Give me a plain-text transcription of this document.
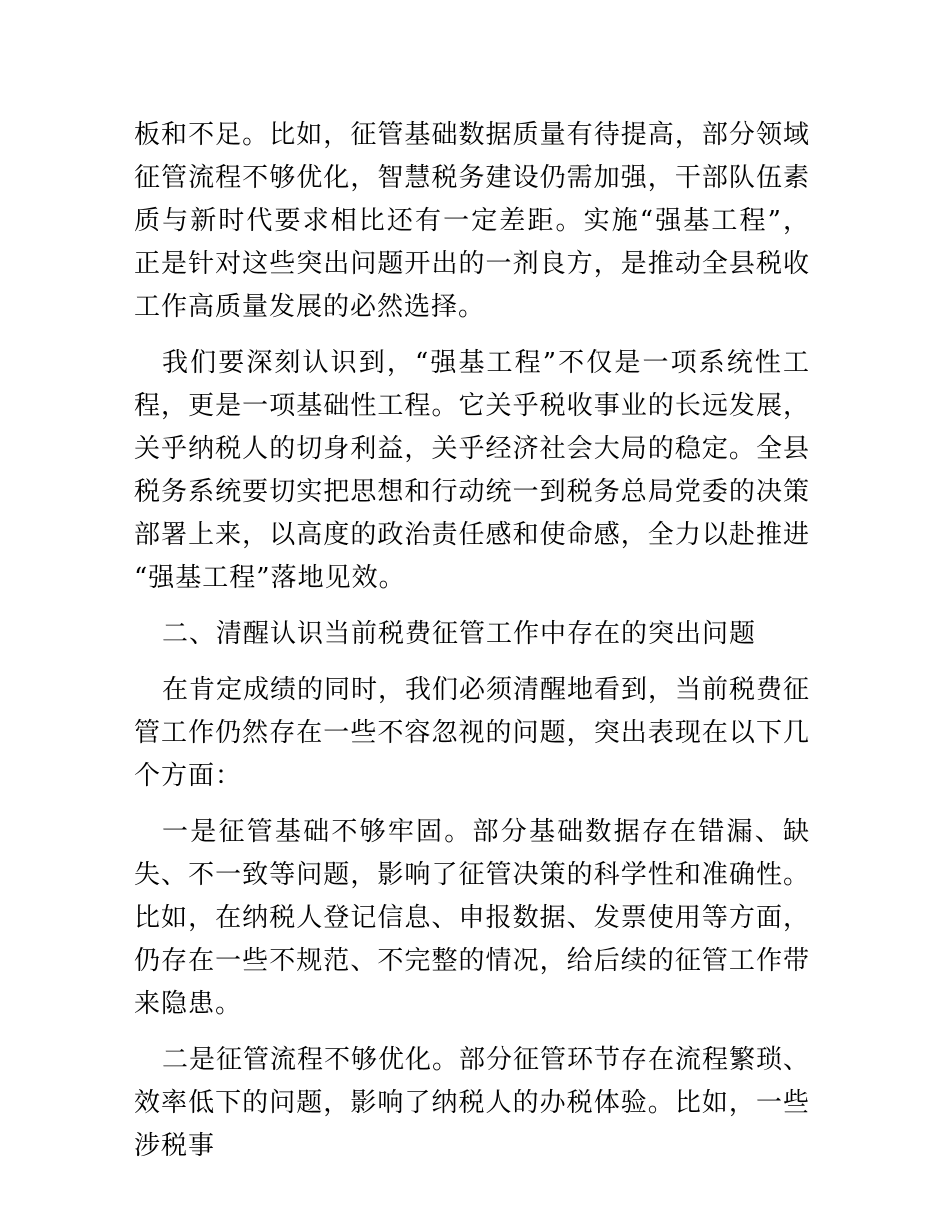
板和不足。比如，征管基础数据质量有待提高，部分领域征管流程不够优化，智慧税务建设仍需加强，干部队伍素质与新时代要求相比还有一定差距。实施“强基工程”，正是针对这些突出问题开出的一剂良方，是推动全县税收工作高质量发展的必然选择。

我们要深刻认识到，“强基工程”不仅是一项系统性工程，更是一项基础性工程。它关乎税收事业的长远发展，关乎纳税人的切身利益，关乎经济社会大局的稳定。全县税务系统要切实把思想和行动统一到税务总局党委的决策部署上来，以高度的政治责任感和使命感，全力以赴推进“强基工程”落地见效。

二、清醒认识当前税费征管工作中存在的突出问题

在肯定成绩的同时，我们必须清醒地看到，当前税费征管工作仍然存在一些不容忽视的问题，突出表现在以下几个方面：

一是征管基础不够牢固。部分基础数据存在错漏、缺失、不一致等问题，影响了征管决策的科学性和准确性。比如，在纳税人登记信息、申报数据、发票使用等方面，仍存在一些不规范、不完整的情况，给后续的征管工作带来隐患。

二是征管流程不够优化。部分征管环节存在流程繁琐、效率低下的问题，影响了纳税人的办税体验。比如，一些涉税事
